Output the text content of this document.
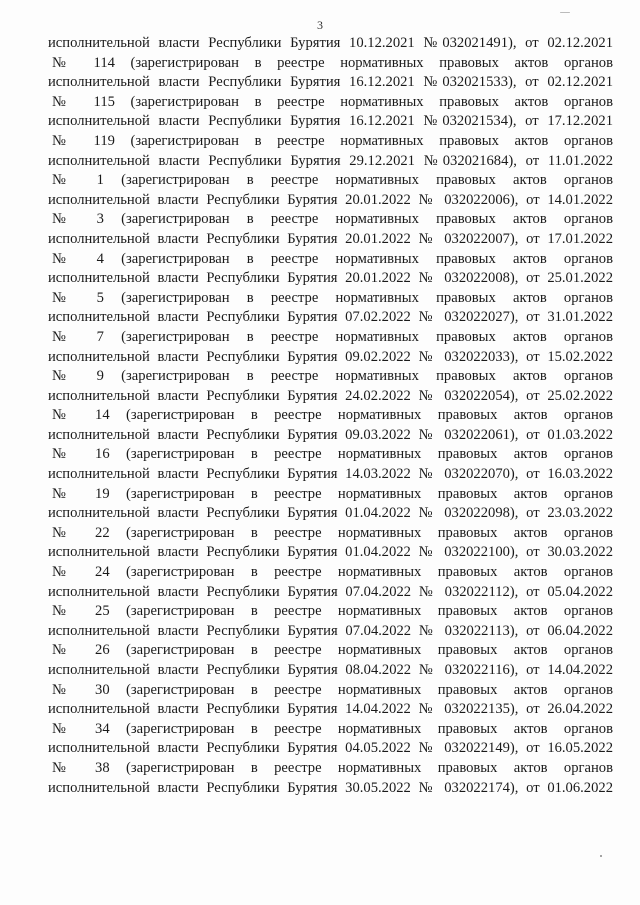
3
исполнительной власти Республики Бурятия 10.12.2021 №032021491), от 02.12.2021
№ 114 (зарегистрирован в реестре нормативных правовых актов органов
исполнительной власти Республики Бурятия 16.12.2021 №032021533), от 02.12.2021
№ 115 (зарегистрирован в реестре нормативных правовых актов органов
исполнительной власти Республики Бурятия 16.12.2021 №032021534), от 17.12.2021
№ 119 (зарегистрирован в реестре нормативных правовых актов органов
исполнительной власти Республики Бурятия 29.12.2021 №032021684), от 11.01.2022
№ 1 (зарегистрирован в реестре нормативных правовых актов органов
исполнительной власти Республики Бурятия 20.01.2022 № 032022006), от 14.01.2022
№ 3 (зарегистрирован в реестре нормативных правовых актов органов
исполнительной власти Республики Бурятия 20.01.2022 № 032022007), от 17.01.2022
№ 4 (зарегистрирован в реестре нормативных правовых актов органов
исполнительной власти Республики Бурятия 20.01.2022 № 032022008), от 25.01.2022
№ 5 (зарегистрирован в реестре нормативных правовых актов органов
исполнительной власти Республики Бурятия 07.02.2022 № 032022027), от 31.01.2022
№ 7 (зарегистрирован в реестре нормативных правовых актов органов
исполнительной власти Республики Бурятия 09.02.2022 № 032022033), от 15.02.2022
№ 9 (зарегистрирован в реестре нормативных правовых актов органов
исполнительной власти Республики Бурятия 24.02.2022 № 032022054), от 25.02.2022
№ 14 (зарегистрирован в реестре нормативных правовых актов органов
исполнительной власти Республики Бурятия 09.03.2022 № 032022061), от 01.03.2022
№ 16 (зарегистрирован в реестре нормативных правовых актов органов
исполнительной власти Республики Бурятия 14.03.2022 № 032022070), от 16.03.2022
№ 19 (зарегистрирован в реестре нормативных правовых актов органов
исполнительной власти Республики Бурятия 01.04.2022 № 032022098), от 23.03.2022
№ 22 (зарегистрирован в реестре нормативных правовых актов органов
исполнительной власти Республики Бурятия 01.04.2022 № 032022100), от 30.03.2022
№ 24 (зарегистрирован в реестре нормативных правовых актов органов
исполнительной власти Республики Бурятия 07.04.2022 № 032022112), от 05.04.2022
№ 25 (зарегистрирован в реестре нормативных правовых актов органов
исполнительной власти Республики Бурятия 07.04.2022 № 032022113), от 06.04.2022
№ 26 (зарегистрирован в реестре нормативных правовых актов органов
исполнительной власти Республики Бурятия 08.04.2022 № 032022116), от 14.04.2022
№ 30 (зарегистрирован в реестре нормативных правовых актов органов
исполнительной власти Республики Бурятия 14.04.2022 № 032022135), от 26.04.2022
№ 34 (зарегистрирован в реестре нормативных правовых актов органов
исполнительной власти Республики Бурятия 04.05.2022 № 032022149), от 16.05.2022
№ 38 (зарегистрирован в реестре нормативных правовых актов органов
исполнительной власти Республики Бурятия 30.05.2022 № 032022174), от 01.06.2022
